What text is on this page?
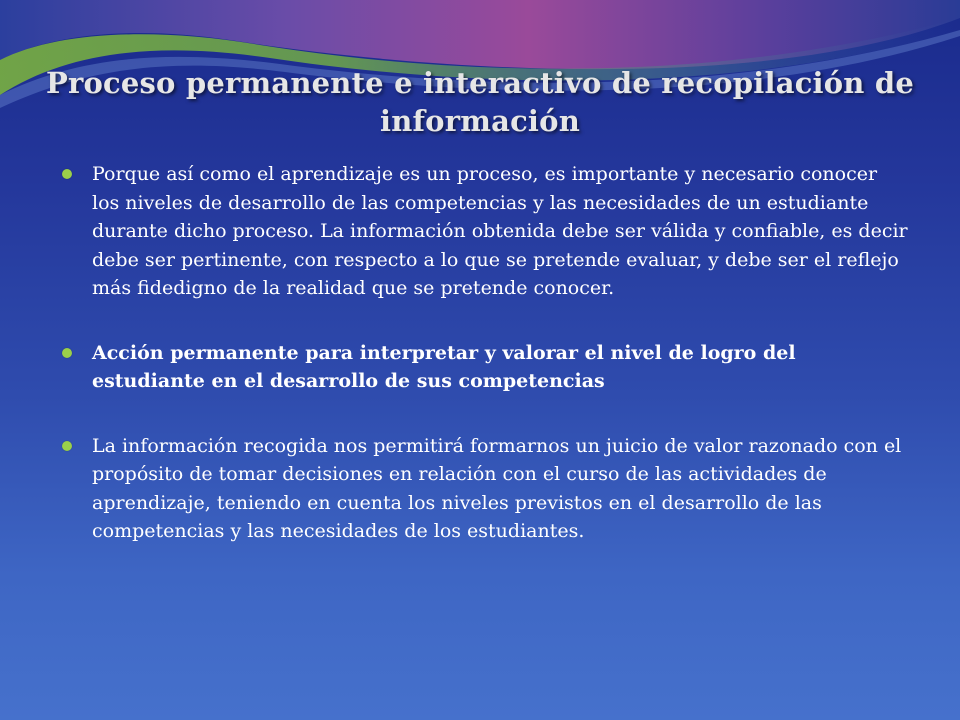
Proceso permanente e interactivo de recopilación de información
Porque así como el aprendizaje es un proceso, es importante y necesario conocer los niveles de desarrollo de las competencias y las necesidades de un estudiante durante dicho proceso. La información obtenida debe ser válida y confiable, es decir debe ser pertinente, con respecto a lo que se pretende evaluar, y debe ser el reflejo más fidedigno de la realidad que se pretende conocer.
Acción permanente para interpretar y valorar el nivel de logro del estudiante en el desarrollo de sus competencias
La información recogida nos permitirá formarnos un juicio de valor razonado con el propósito de tomar decisiones en relación con el curso de las actividades de aprendizaje, teniendo en cuenta los niveles previstos en el desarrollo de las competencias y las necesidades de los estudiantes.
